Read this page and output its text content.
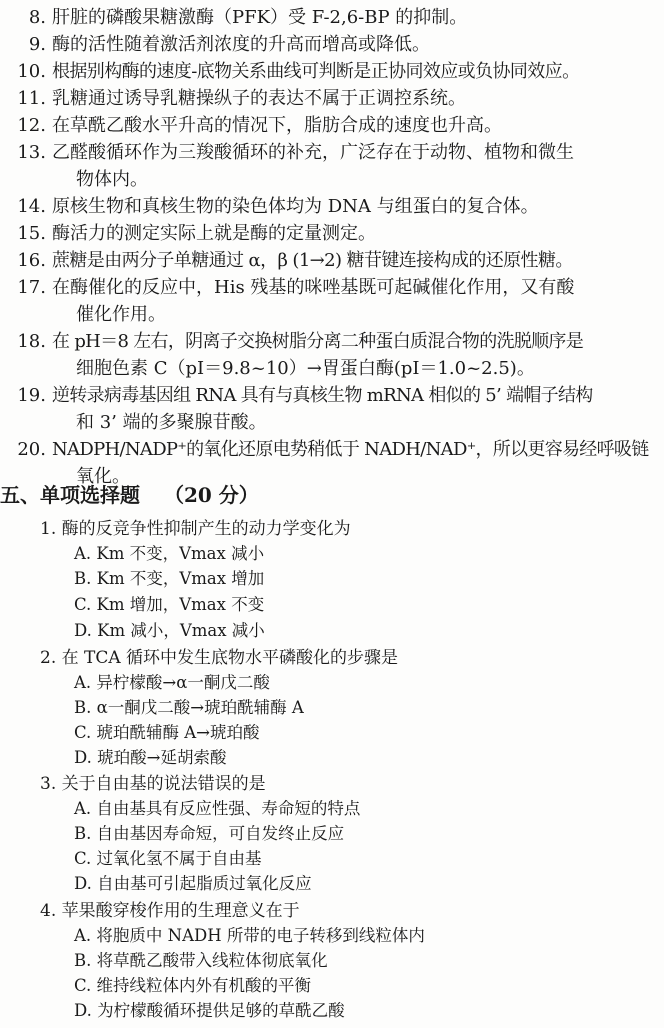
8. 肝脏的磷酸果糖激酶（PFK）受 F-2,6-BP 的抑制。
9. 酶的活性随着激活剂浓度的升高而增高或降低。
10. 根据别构酶的速度-底物关系曲线可判断是正协同效应或负协同效应。
11. 乳糖通过诱导乳糖操纵子的表达不属于正调控系统。
12. 在草酰乙酸水平升高的情况下，脂肪合成的速度也升高。
13. 乙醛酸循环作为三羧酸循环的补充，广泛存在于动物、植物和微生
物体内。
14. 原核生物和真核生物的染色体均为 DNA 与组蛋白的复合体。
15. 酶活力的测定实际上就是酶的定量测定。
16. 蔗糖是由两分子单糖通过 α，β (1→2) 糖苷键连接构成的还原性糖。
17. 在酶催化的反应中，His 残基的咪唑基既可起碱催化作用，又有酸
催化作用。
18. 在 pH＝8 左右，阴离子交换树脂分离二种蛋白质混合物的洗脱顺序是
细胞色素 C（pI＝9.8~10）→胃蛋白酶(pI＝1.0~2.5)。
19. 逆转录病毒基因组 RNA 具有与真核生物 mRNA 相似的 5’ 端帽子结构
和 3’ 端的多聚腺苷酸。
20. NADPH/NADP⁺的氧化还原电势稍低于 NADH/NAD⁺，所以更容易经呼吸链
氧化。
五、单项选择题 （20 分）
1. 酶的反竞争性抑制产生的动力学变化为
A. Km 不变，Vmax 减小
B. Km 不变，Vmax 增加
C. Km 增加，Vmax 不变
D. Km 减小，Vmax 减小
2. 在 TCA 循环中发生底物水平磷酸化的步骤是
A. 异柠檬酸→α一酮戊二酸
B. α一酮戊二酸→琥珀酰辅酶 A
C. 琥珀酰辅酶 A→琥珀酸
D. 琥珀酸→延胡索酸
3. 关于自由基的说法错误的是
A. 自由基具有反应性强、寿命短的特点
B. 自由基因寿命短，可自发终止反应
C. 过氧化氢不属于自由基
D. 自由基可引起脂质过氧化反应
4. 苹果酸穿梭作用的生理意义在于
A. 将胞质中 NADH 所带的电子转移到线粒体内
B. 将草酰乙酸带入线粒体彻底氧化
C. 维持线粒体内外有机酸的平衡
D. 为柠檬酸循环提供足够的草酰乙酸
